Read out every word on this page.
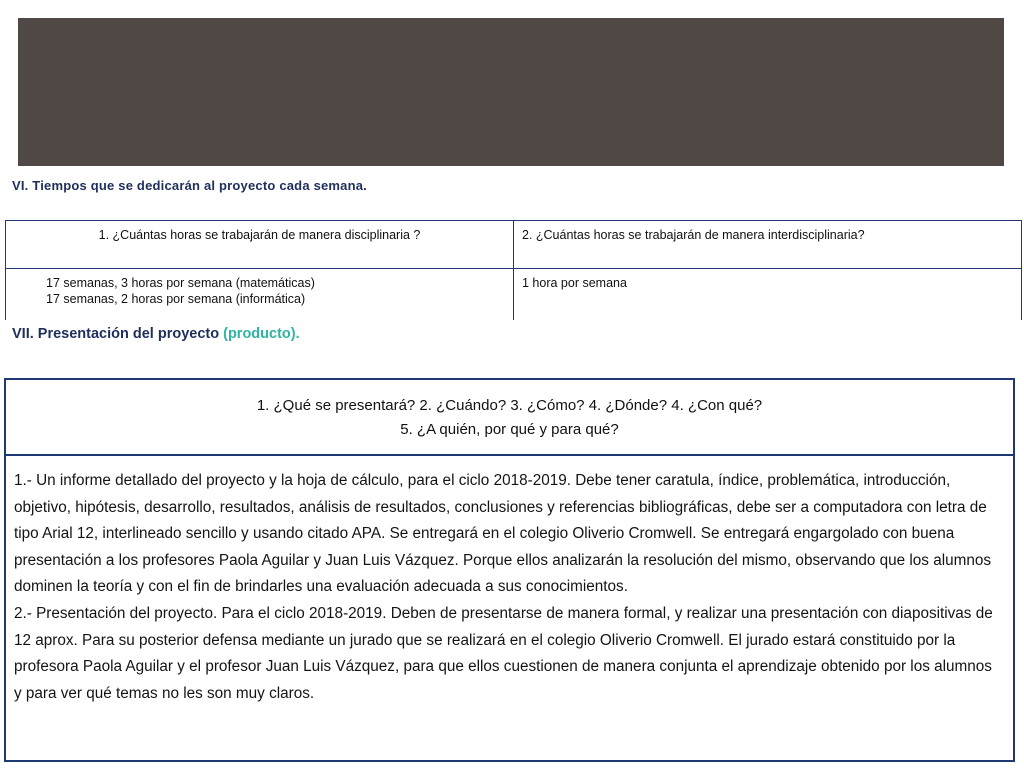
VI. Tiempos que se dedicarán al proyecto cada semana.
1. ¿Cuántas horas se trabajarán de manera disciplinaria ?	2. ¿Cuántas horas se trabajarán de manera interdisciplinaria?

17 semanas, 3 horas por semana (matemáticas)
17 semanas, 2 horas por semana (informática)	1 hora por semana
VII. Presentación del proyecto (producto).
1. ¿Qué se presentará? 2. ¿Cuándo? 3. ¿Cómo? 4. ¿Dónde? 4. ¿Con qué?
5. ¿A quién, por qué y para qué?

1.- Un informe detallado del proyecto y la hoja de cálculo, para el ciclo 2018-2019. Debe tener caratula, índice, problemática, introducción, objetivo, hipótesis, desarrollo, resultados, análisis de resultados, conclusiones y referencias bibliográficas, debe ser a computadora con letra de tipo Arial 12, interlineado sencillo y usando citado APA. Se entregará en el colegio Oliverio Cromwell. Se entregará engargolado con buena presentación a los profesores Paola Aguilar y Juan Luis Vázquez. Porque ellos analizarán la resolución del mismo, observando que los alumnos dominen la teoría y con el fin de brindarles una evaluación adecuada a sus conocimientos.

2.- Presentación del proyecto. Para el ciclo 2018-2019. Deben de presentarse de manera formal, y realizar una presentación con diapositivas de 12 aprox. Para su posterior defensa mediante un jurado que se realizará en el colegio Oliverio Cromwell. El jurado estará constituido por la profesora Paola Aguilar y el profesor Juan Luis Vázquez, para que ellos cuestionen de manera conjunta el aprendizaje obtenido por los alumnos y para ver qué temas no les son muy claros.
